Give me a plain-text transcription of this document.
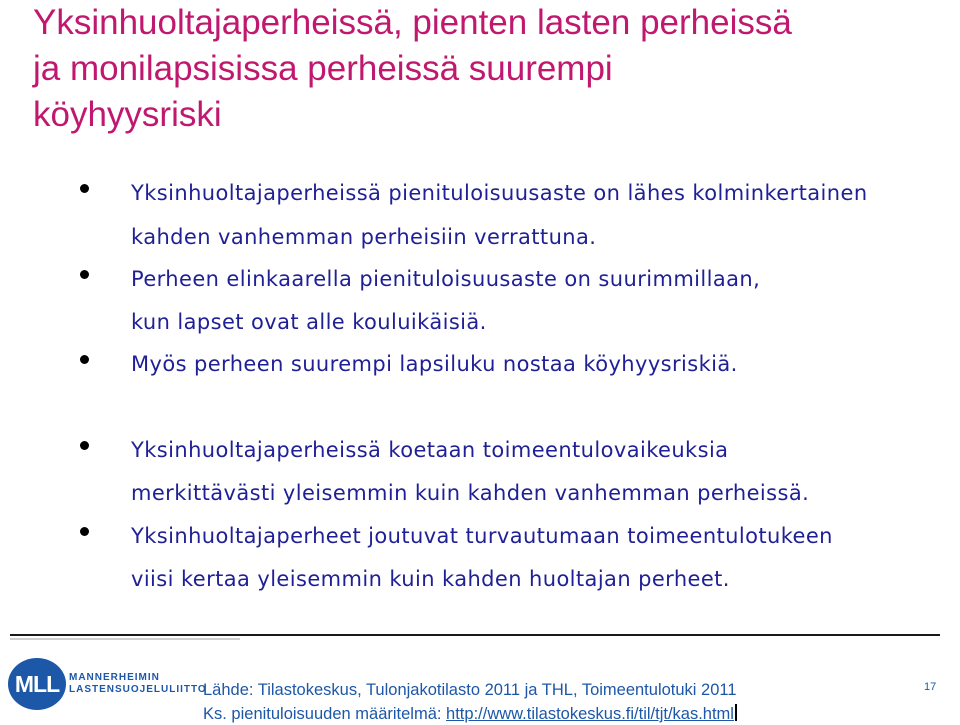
Yksinhuoltajaperheissä, pienten lasten perheissä
ja monilapsisissa perheissä suurempi
köyhyysriski
Yksinhuoltajaperheissä pienituloisuusaste on lähes kolminkertainen
kahden vanhemman perheisiin verrattuna.
Perheen elinkaarella pienituloisuusaste on suurimmillaan,
kun lapset ovat alle kouluikäisiä.
Myös perheen suurempi lapsiluku nostaa köyhyysriskiä.
Yksinhuoltajaperheissä koetaan toimeentulovaikeuksia
merkittävästi yleisemmin kuin kahden vanhemman perheissä.
Yksinhuoltajaperheet joutuvat turvautumaan toimeentulotukeen
viisi kertaa yleisemmin kuin kahden huoltajan perheet.
MLL MANNERHEIMIN
LASTENSUOJELULIITTO
Lähde: Tilastokeskus, Tulonjakotilasto 2011 ja THL, Toimeentulotuki 2011
Ks. pienituloisuuden määritelmä: http://www.tilastokeskus.fi/til/tjt/kas.html
17
